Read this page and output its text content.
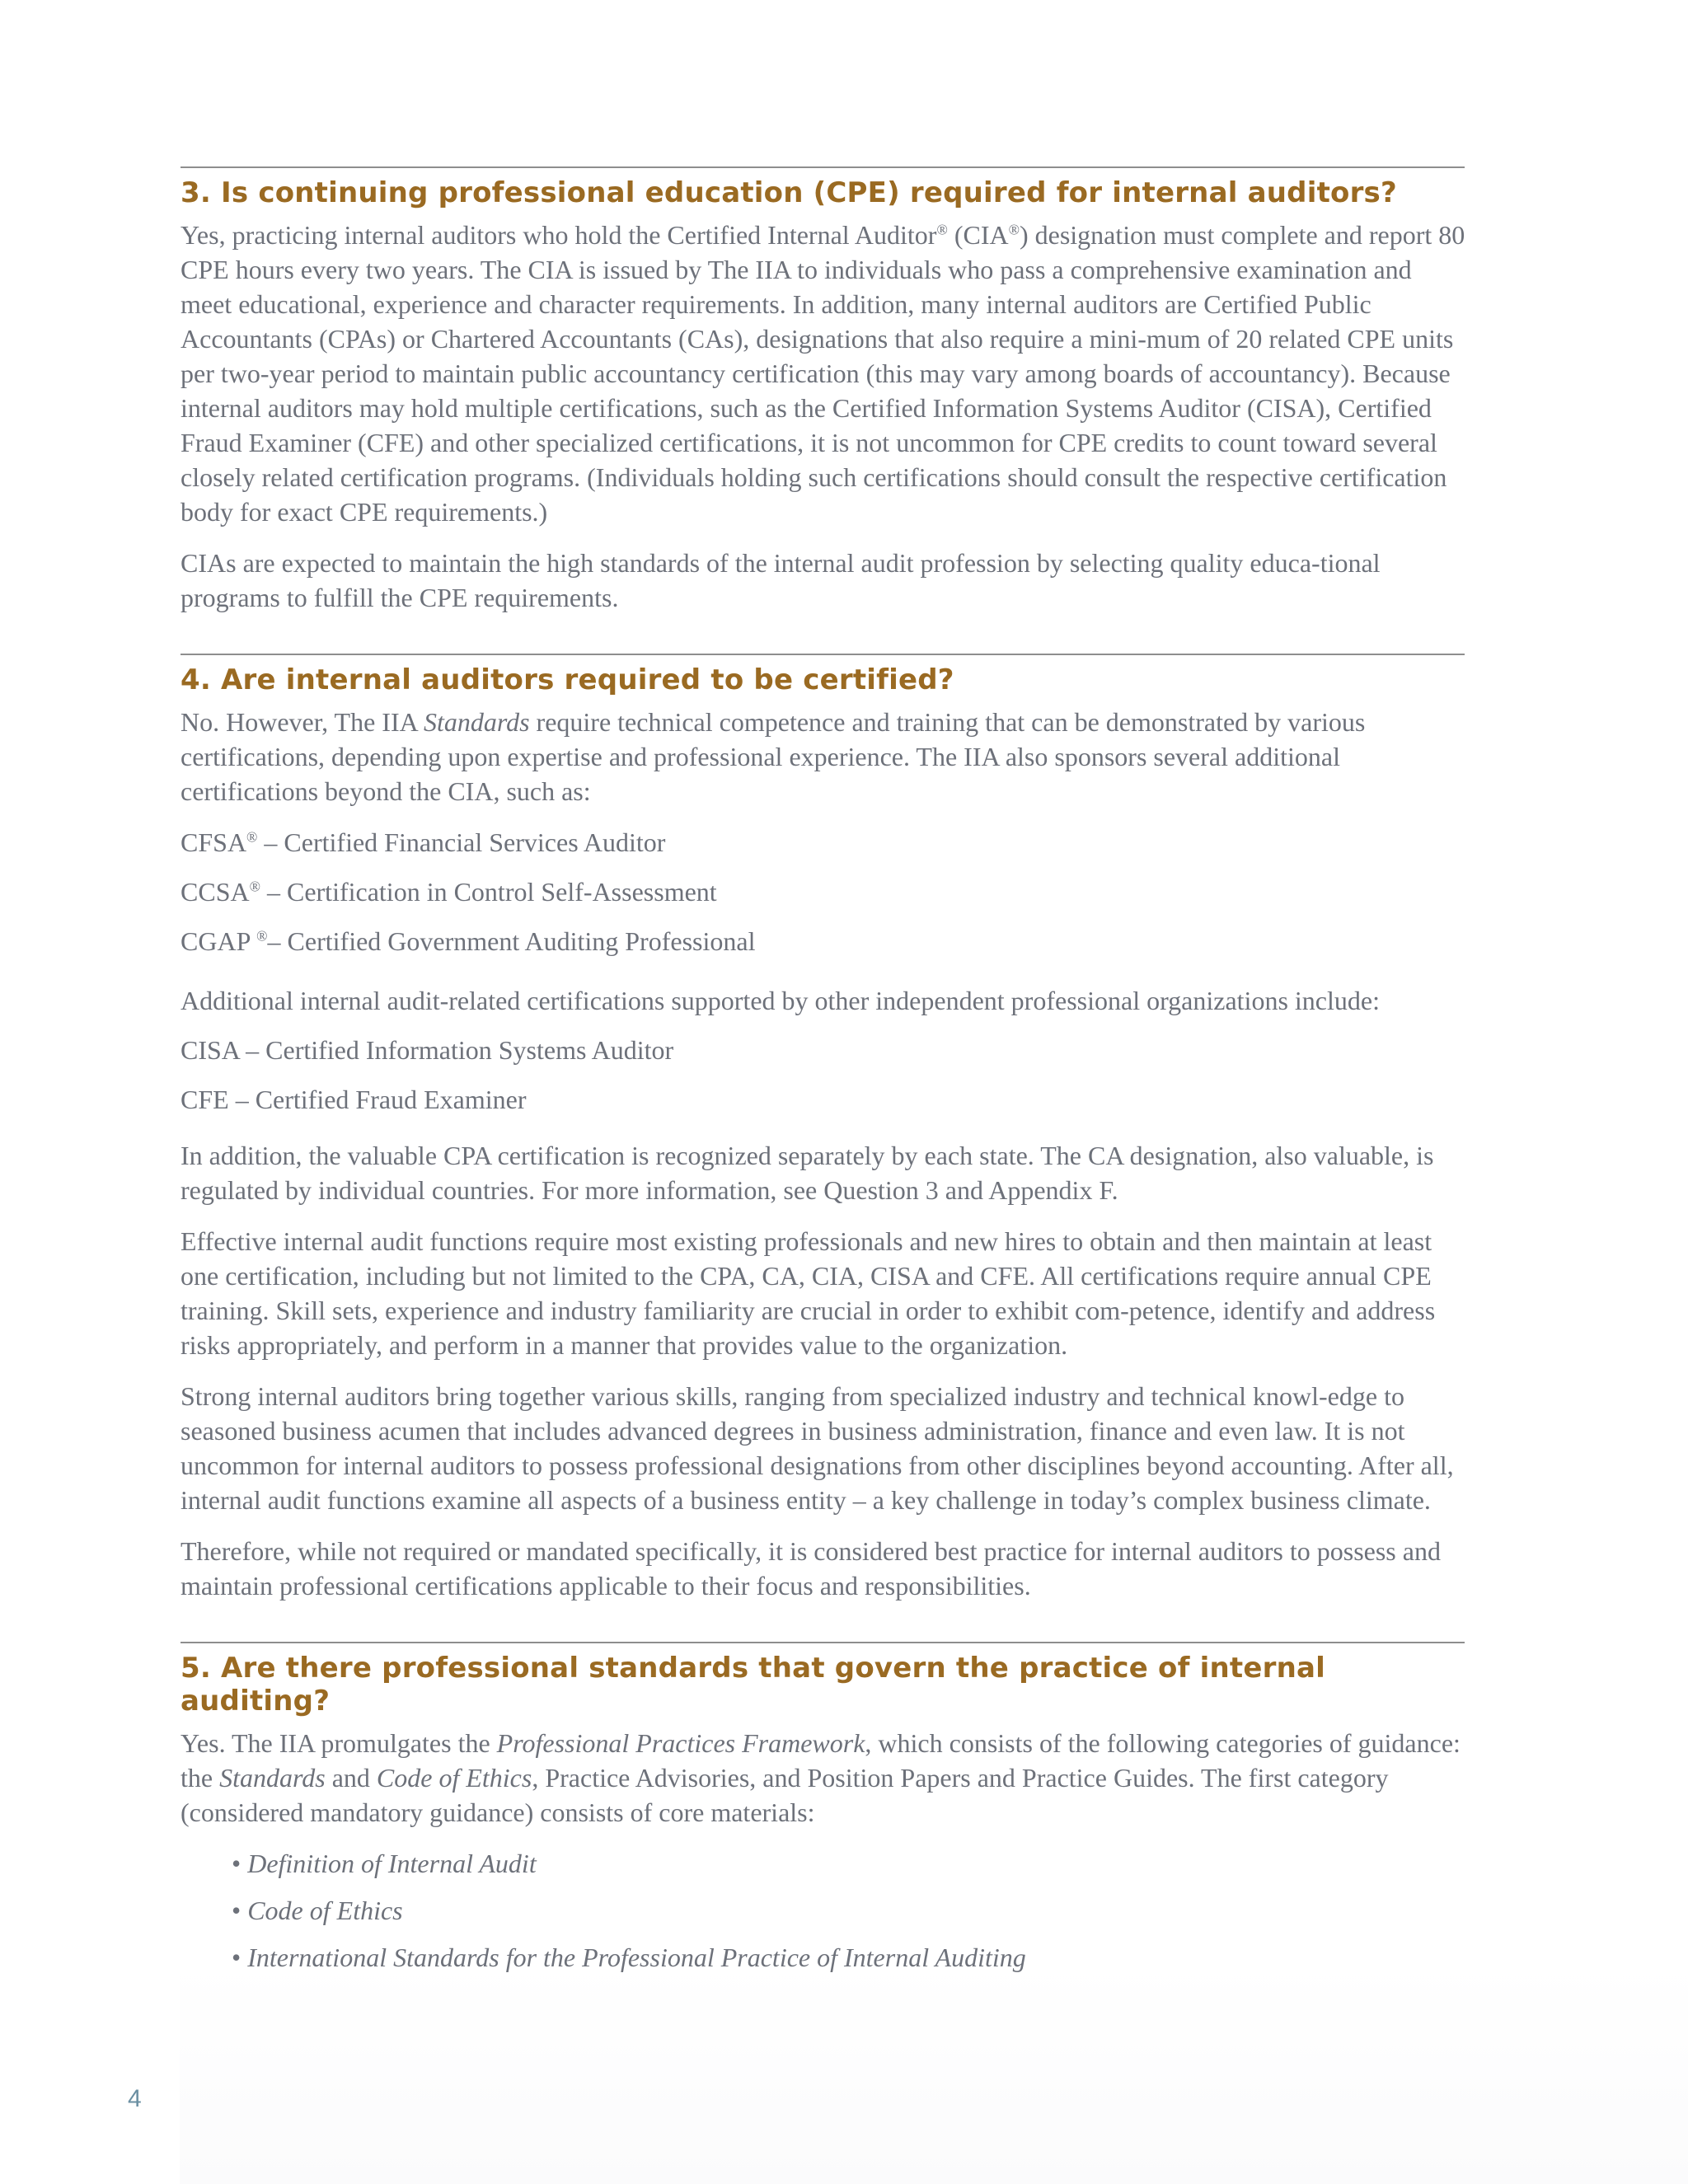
3. Is continuing professional education (CPE) required for internal auditors?

Yes, practicing internal auditors who hold the Certified Internal Auditor® (CIA®) designation must complete and report 80 CPE hours every two years. The CIA is issued by The IIA to individuals who pass a comprehensive examination and meet educational, experience and character requirements. In addition, many internal auditors are Certified Public Accountants (CPAs) or Chartered Accountants (CAs), designations that also require a mini-mum of 20 related CPE units per two-year period to maintain public accountancy certification (this may vary among boards of accountancy). Because internal auditors may hold multiple certifications, such as the Certified Information Systems Auditor (CISA), Certified Fraud Examiner (CFE) and other specialized certifications, it is not uncommon for CPE credits to count toward several closely related certification programs. (Individuals holding such certifications should consult the respective certification body for exact CPE requirements.)

CIAs are expected to maintain the high standards of the internal audit profession by selecting quality educa-tional programs to fulfill the CPE requirements.

4. Are internal auditors required to be certified?

No. However, The IIA Standards require technical competence and training that can be demonstrated by various certifications, depending upon expertise and professional experience. The IIA also sponsors several additional certifications beyond the CIA, such as:

CFSA® – Certified Financial Services Auditor

CCSA® – Certification in Control Self-Assessment

CGAP ®– Certified Government Auditing Professional

Additional internal audit-related certifications supported by other independent professional organizations include:

CISA – Certified Information Systems Auditor

CFE – Certified Fraud Examiner

In addition, the valuable CPA certification is recognized separately by each state. The CA designation, also valuable, is regulated by individual countries. For more information, see Question 3 and Appendix F.

Effective internal audit functions require most existing professionals and new hires to obtain and then maintain at least one certification, including but not limited to the CPA, CA, CIA, CISA and CFE. All certifications require annual CPE training. Skill sets, experience and industry familiarity are crucial in order to exhibit com-petence, identify and address risks appropriately, and perform in a manner that provides value to the organization.

Strong internal auditors bring together various skills, ranging from specialized industry and technical knowl-edge to seasoned business acumen that includes advanced degrees in business administration, finance and even law. It is not uncommon for internal auditors to possess professional designations from other disciplines beyond accounting. After all, internal audit functions examine all aspects of a business entity – a key challenge in today’s complex business climate.

Therefore, while not required or mandated specifically, it is considered best practice for internal auditors to possess and maintain professional certifications applicable to their focus and responsibilities.

5. Are there professional standards that govern the practice of internal auditing?

Yes. The IIA promulgates the Professional Practices Framework, which consists of the following categories of guidance: the Standards and Code of Ethics, Practice Advisories, and Position Papers and Practice Guides. The first category (considered mandatory guidance) consists of core materials:

• Definition of Internal Audit
• Code of Ethics
• International Standards for the Professional Practice of Internal Auditing
4
